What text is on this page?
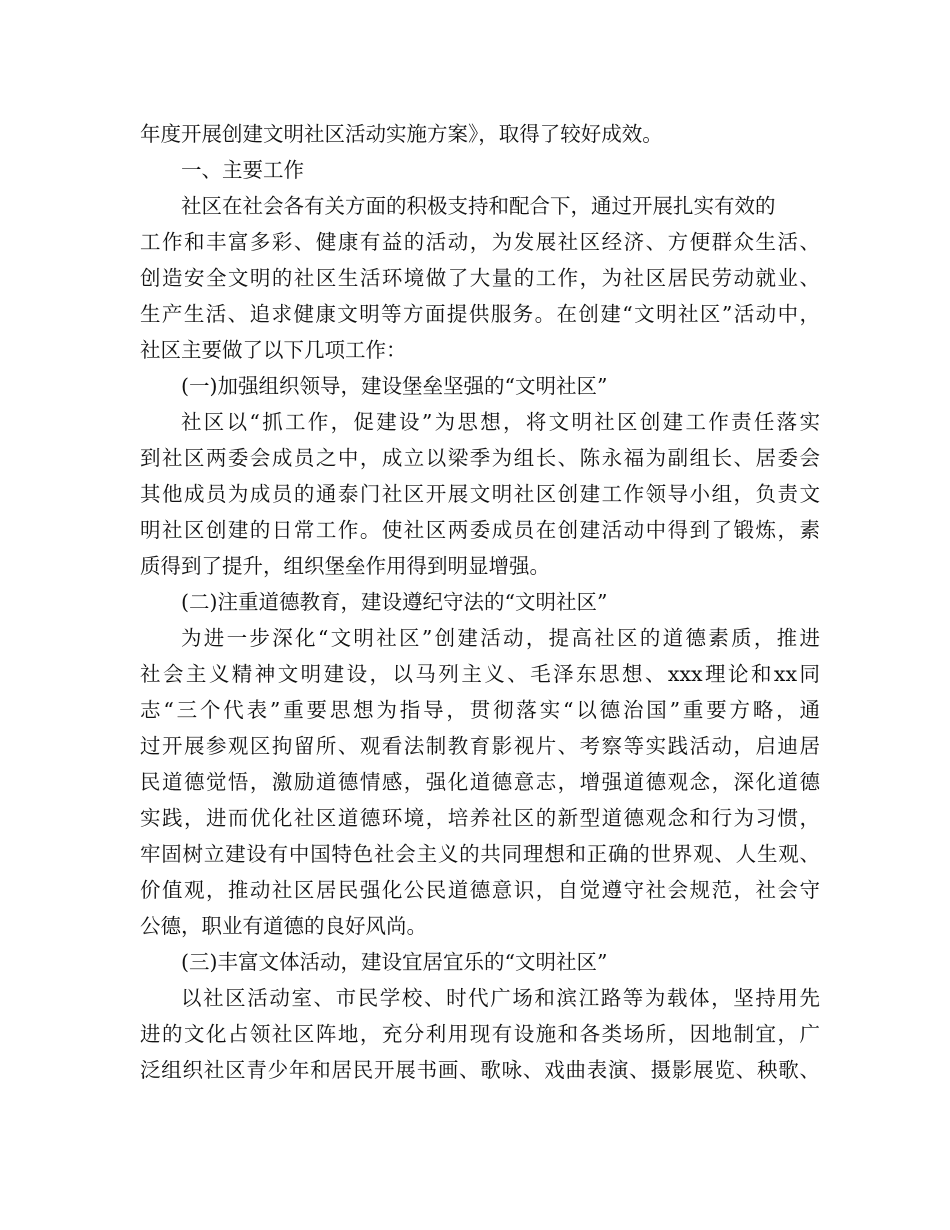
年度开展创建文明社区活动实施方案》，取得了较好成效。
一、主要工作
社区在社会各有关方面的积极支持和配合下，通过开展扎实有效的
工作和丰富多彩、健康有益的活动，为发展社区经济、方便群众生活、
创造安全文明的社区生活环境做了大量的工作，为社区居民劳动就业、
生产生活、追求健康文明等方面提供服务。在创建“文明社区”活动中，
社区主要做了以下几项工作：
(一)加强组织领导，建设堡垒坚强的“文明社区”
社区以“抓工作，促建设”为思想，将文明社区创建工作责任落实
到社区两委会成员之中，成立以梁季为组长、陈永福为副组长、居委会
其他成员为成员的通泰门社区开展文明社区创建工作领导小组，负责文
明社区创建的日常工作。使社区两委成员在创建活动中得到了锻炼，素
质得到了提升，组织堡垒作用得到明显增强。
(二)注重道德教育，建设遵纪守法的“文明社区”
为进一步深化“文明社区”创建活动，提高社区的道德素质，推进
社会主义精神文明建设，以马列主义、毛泽东思想、xxx理论和xx同
志“三个代表”重要思想为指导，贯彻落实“以德治国”重要方略，通
过开展参观区拘留所、观看法制教育影视片、考察等实践活动，启迪居
民道德觉悟，激励道德情感，强化道德意志，增强道德观念，深化道德
实践，进而优化社区道德环境，培养社区的新型道德观念和行为习惯，
牢固树立建设有中国特色社会主义的共同理想和正确的世界观、人生观、
价值观，推动社区居民强化公民道德意识，自觉遵守社会规范，社会守
公德，职业有道德的良好风尚。
(三)丰富文体活动，建设宜居宜乐的“文明社区”
以社区活动室、市民学校、时代广场和滨江路等为载体，坚持用先
进的文化占领社区阵地，充分利用现有设施和各类场所，因地制宜，广
泛组织社区青少年和居民开展书画、歌咏、戏曲表演、摄影展览、秧歌、
